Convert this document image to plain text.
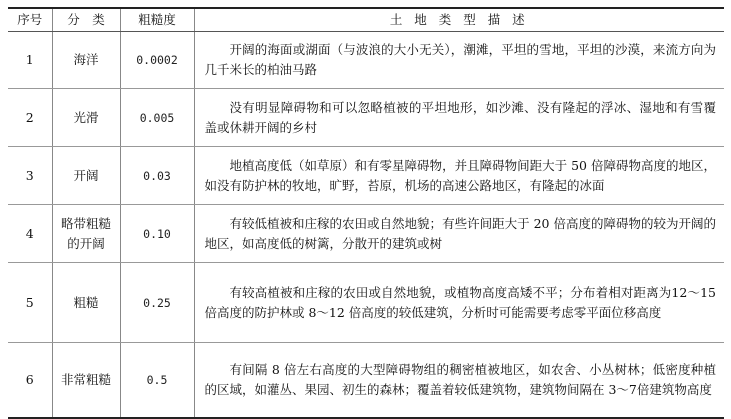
序号	分　类	粗糙度	土 地 类 型 描 述
1	海洋	0.0002	开阔的海面或湖面（与波浪的大小无关），潮滩，平坦的雪地，平坦的沙漠，来流方向为几千米长的柏油马路

2	光滑	0.005	没有明显障碍物和可以忽略植被的平坦地形，如沙滩、没有隆起的浮冰、湿地和有雪覆盖或休耕开阔的乡村

3	开阔	0.03	地植高度低（如草原）和有零星障碍物，并且障碍物间距大于 50 倍障碍物高度的地区，如没有防护林的牧地，旷野，苔原，机场的高速公路地区，有隆起的冰面

4	略带粗糙的开阔	0.10	有较低植被和庄稼的农田或自然地貌；有些许间距大于 20 倍高度的障碍物的较为开阔的地区，如高度低的树篱，分散开的建筑或树

5	粗糙	0.25	有较高植被和庄稼的农田或自然地貌，或植物高度高矮不平；分布着相对距离为12～15 倍高度的防护林或 8～12 倍高度的较低建筑，分析时可能需要考虑零平面位移高度

6	非常粗糙	0.5	有间隔 8 倍左右高度的大型障碍物组的稠密植被地区，如农舍、小丛树林；低密度种植的区域，如灌丛、果园、初生的森林；覆盖着较低建筑物，建筑物间隔在 3～7倍建筑物高度
